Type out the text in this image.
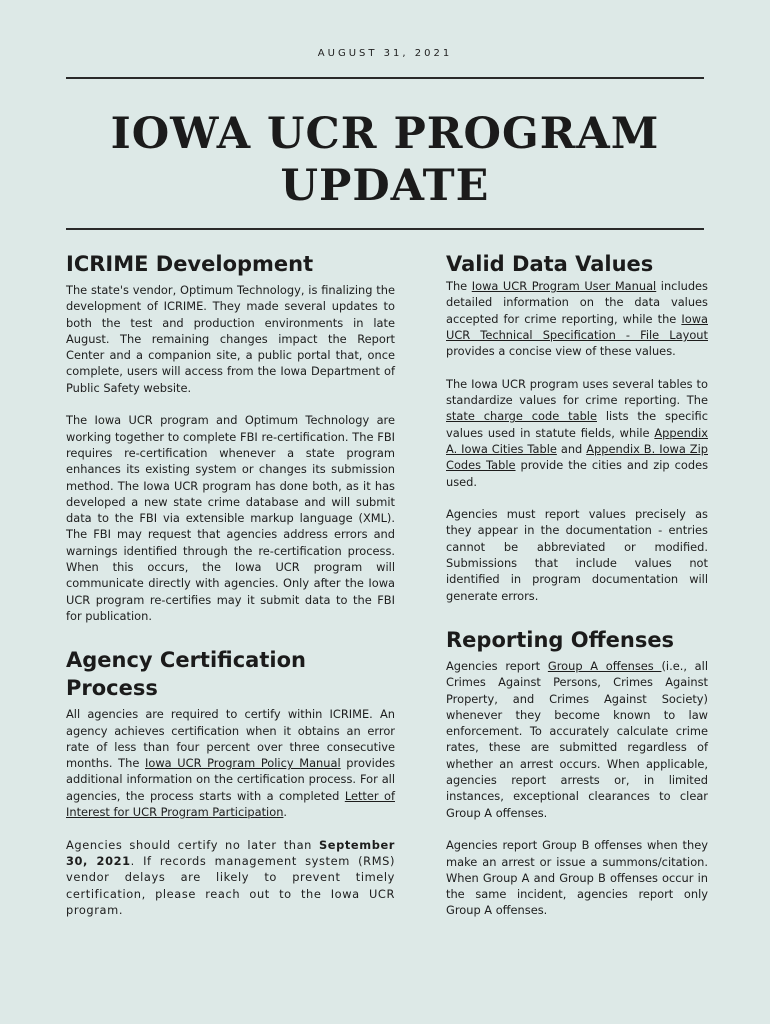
AUGUST 31, 2021
IOWA UCR PROGRAM
UPDATE
ICRIME Development

The state's vendor, Optimum Technology, is finalizing the development of ICRIME. They made several updates to both the test and production environments in late August. The remaining changes impact the Report Center and a companion site, a public portal that, once complete, users will access from the Iowa Department of Public Safety website.

The Iowa UCR program and Optimum Technology are working together to complete FBI re-certification. The FBI requires re-certification whenever a state program enhances its existing system or changes its submission method. The Iowa UCR program has done both, as it has developed a new state crime database and will submit data to the FBI via extensible markup language (XML). The FBI may request that agencies address errors and warnings identified through the re-certification process. When this occurs, the Iowa UCR program will communicate directly with agencies. Only after the Iowa UCR program re-certifies may it submit data to the FBI for publication.

Agency Certification Process

All agencies are required to certify within ICRIME. An agency achieves certification when it obtains an error rate of less than four percent over three consecutive months. The Iowa UCR Program Policy Manual provides additional information on the certification process. For all agencies, the process starts with a completed Letter of Interest for UCR Program Participation.

Agencies should certify no later than September 30, 2021. If records management system (RMS) vendor delays are likely to prevent timely certification, please reach out to the Iowa UCR program.

Valid Data Values

The Iowa UCR Program User Manual includes detailed information on the data values accepted for crime reporting, while the Iowa UCR Technical Specification - File Layout provides a concise view of these values.

The Iowa UCR program uses several tables to standardize values for crime reporting. The state charge code table lists the specific values used in statute fields, while Appendix A. Iowa Cities Table and Appendix B. Iowa Zip Codes Table provide the cities and zip codes used.

Agencies must report values precisely as they appear in the documentation - entries cannot be abbreviated or modified. Submissions that include values not identified in program documentation will generate errors.

Reporting Offenses

Agencies report Group A offenses (i.e., all Crimes Against Persons, Crimes Against Property, and Crimes Against Society) whenever they become known to law enforcement. To accurately calculate crime rates, these are submitted regardless of whether an arrest occurs. When applicable, agencies report arrests or, in limited instances, exceptional clearances to clear Group A offenses.

Agencies report Group B offenses when they make an arrest or issue a summons/citation. When Group A and Group B offenses occur in the same incident, agencies report only Group A offenses.
